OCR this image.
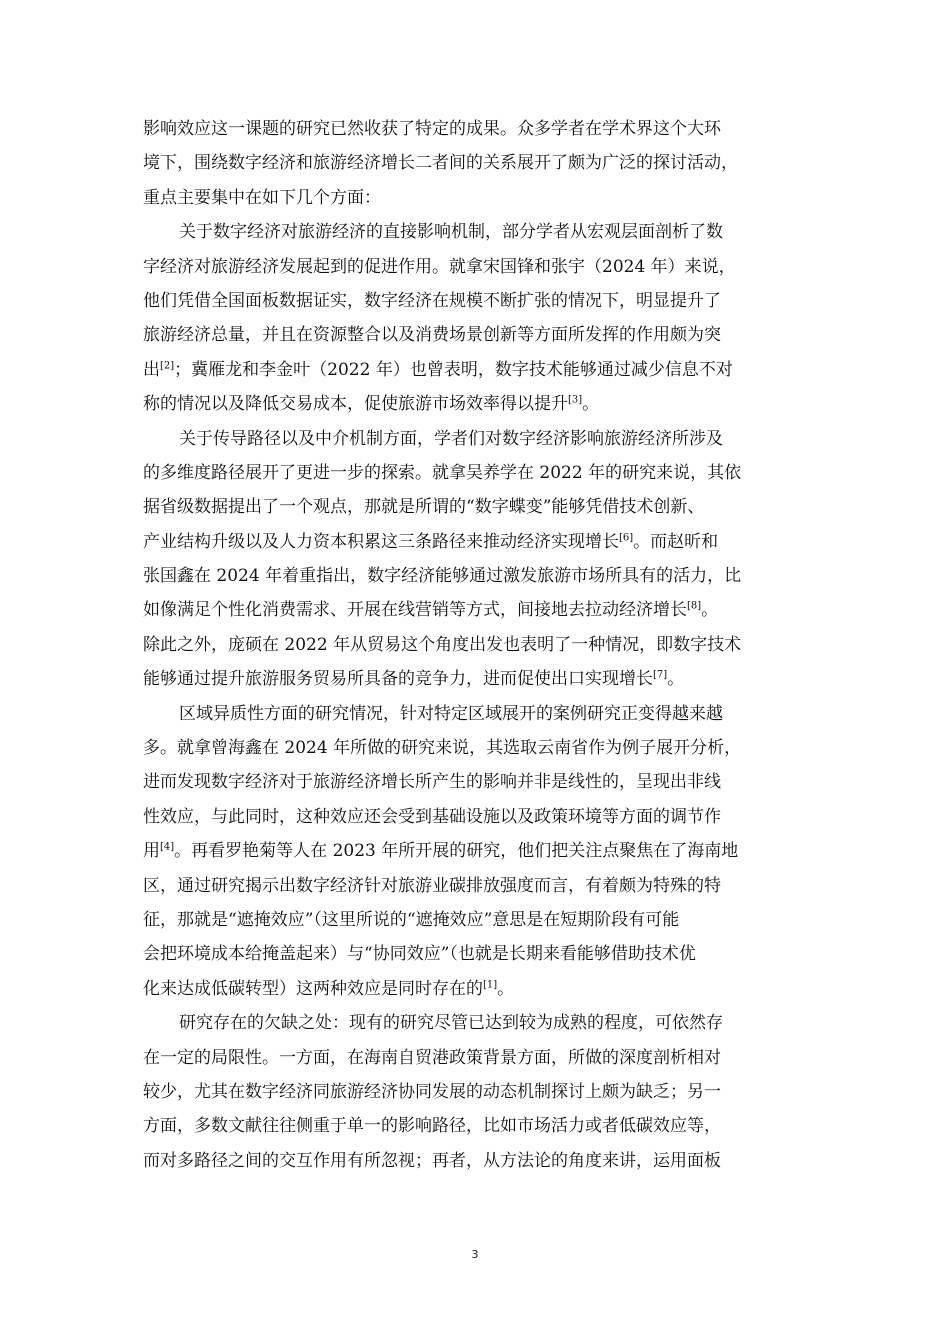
影响效应这一课题的研究已然收获了特定的成果。众多学者在学术界这个大环
境下，围绕数字经济和旅游经济增长二者间的关系展开了颇为广泛的探讨活动，
重点主要集中在如下几个方面：

关于数字经济对旅游经济的直接影响机制，部分学者从宏观层面剖析了数
字经济对旅游经济发展起到的促进作用。就拿宋国锋和张宇（2024 年）来说，
他们凭借全国面板数据证实，数字经济在规模不断扩张的情况下，明显提升了
旅游经济总量，并且在资源整合以及消费场景创新等方面所发挥的作用颇为突
出[2]；冀雁龙和李金叶（2022 年）也曾表明，数字技术能够通过减少信息不对
称的情况以及降低交易成本，促使旅游市场效率得以提升[3]。

关于传导路径以及中介机制方面，学者们对数字经济影响旅游经济所涉及
的多维度路径展开了更进一步的探索。就拿吴养学在 2022 年的研究来说，其依
据省级数据提出了一个观点，那就是所谓的“数字蝶变”能够凭借技术创新、
产业结构升级以及人力资本积累这三条路径来推动经济实现增长[6]。而赵昕和
张国鑫在 2024 年着重指出，数字经济能够通过激发旅游市场所具有的活力，比
如像满足个性化消费需求、开展在线营销等方式，间接地去拉动经济增长[8]。
除此之外，庞硕在 2022 年从贸易这个角度出发也表明了一种情况，即数字技术
能够通过提升旅游服务贸易所具备的竞争力，进而促使出口实现增长[7]。

区域异质性方面的研究情况，针对特定区域展开的案例研究正变得越来越
多。就拿曾海鑫在 2024 年所做的研究来说，其选取云南省作为例子展开分析，
进而发现数字经济对于旅游经济增长所产生的影响并非是线性的，呈现出非线
性效应，与此同时，这种效应还会受到基础设施以及政策环境等方面的调节作
用[4]。再看罗艳菊等人在 2023 年所开展的研究，他们把关注点聚焦在了海南地
区，通过研究揭示出数字经济针对旅游业碳排放强度而言，有着颇为特殊的特
征，那就是“遮掩效应”（这里所说的“遮掩效应”意思是在短期阶段有可能
会把环境成本给掩盖起来）与“协同效应”（也就是长期来看能够借助技术优
化来达成低碳转型）这两种效应是同时存在的[1]。

研究存在的欠缺之处：现有的研究尽管已达到较为成熟的程度，可依然存
在一定的局限性。一方面，在海南自贸港政策背景方面，所做的深度剖析相对
较少，尤其在数字经济同旅游经济协同发展的动态机制探讨上颇为缺乏；另一
方面，多数文献往往侧重于单一的影响路径，比如市场活力或者低碳效应等，
而对多路径之间的交互作用有所忽视；再者，从方法论的角度来讲，运用面板

3
